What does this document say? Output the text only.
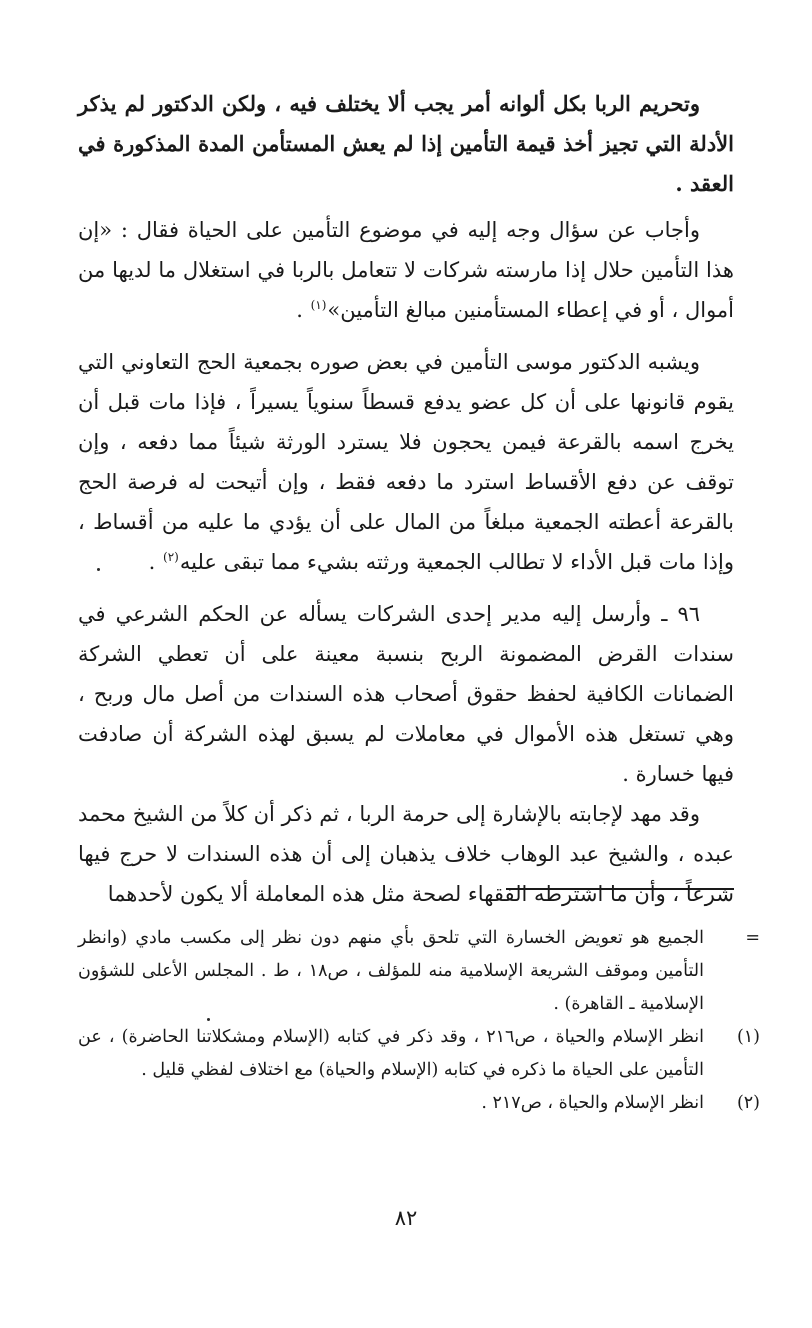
وتحريم الربا بكل ألوانه أمر يجب ألا يختلف فيه ، ولكن الدكتور لم يذكر الأدلة التي تجيز أخذ قيمة التأمين إذا لم يعش المستأمن المدة المذكورة في العقد .

وأجاب عن سؤال وجه إليه في موضوع التأمين على الحياة فقال : «إن هذا التأمين حلال إذا مارسته شركات لا تتعامل بالربا في استغلال ما لديها من أموال ، أو في إعطاء المستأمنين مبالغ التأمين»$^{(١)}$ .

ويشبه الدكتور موسى التأمين في بعض صوره بجمعية الحج التعاوني التي يقوم قانونها على أن كل عضو يدفع قسطاً سنوياً يسيراً ، فإذا مات قبل أن يخرج اسمه بالقرعة فيمن يحجون فلا يسترد الورثة شيئاً مما دفعه ، وإن توقف عن دفع الأقساط استرد ما دفعه فقط ، وإن أتيحت له فرصة الحج بالقرعة أعطته الجمعية مبلغاً من المال على أن يؤدي ما عليه من أقساط ، وإذا مات قبل الأداء لا تطالب الجمعية ورثته بشيء مما تبقى عليه$^{(٢)}$ .

٩٦ ـ وأرسل إليه مدير إحدى الشركات يسأله عن الحكم الشرعي في سندات القرض المضمونة الربح بنسبة معينة على أن تعطي الشركة الضمانات الكافية لحفظ حقوق أصحاب هذه السندات من أصل مال وربح ، وهي تستغل هذه الأموال في معاملات لم يسبق لهذه الشركة أن صادفت فيها خسارة .

وقد مهد لإجابته بالإشارة إلى حرمة الربا ، ثم ذكر أن كلاً من الشيخ محمد عبده ، والشيخ عبد الوهاب خلاف يذهبان إلى أن هذه السندات لا حرج فيها شرعاً ، وأن ما اشترطه الفقهاء لصحة مثل هذه المعاملة ألا يكون لأحدهما

=
الجميع هو تعويض الخسارة التي تلحق بأي منهم دون نظر إلى مكسب مادي (وانظر التأمين وموقف الشريعة الإسلامية منه للمؤلف ، ص١٨ ، ط . المجلس الأعلى للشؤون الإسلامية ـ القاهرة) .
(١)
انظر الإسلام والحياة ، ص٢١٦ ، وقد ذكر في كتابه (الإسلام ومشكلاتنا الحاضرة) ، عن التأمين على الحياة ما ذكره في كتابه (الإسلام والحياة) مع اختلاف لفظي قليل .
(٢)
انظر الإسلام والحياة ، ص٢١٧ .
٨٢
